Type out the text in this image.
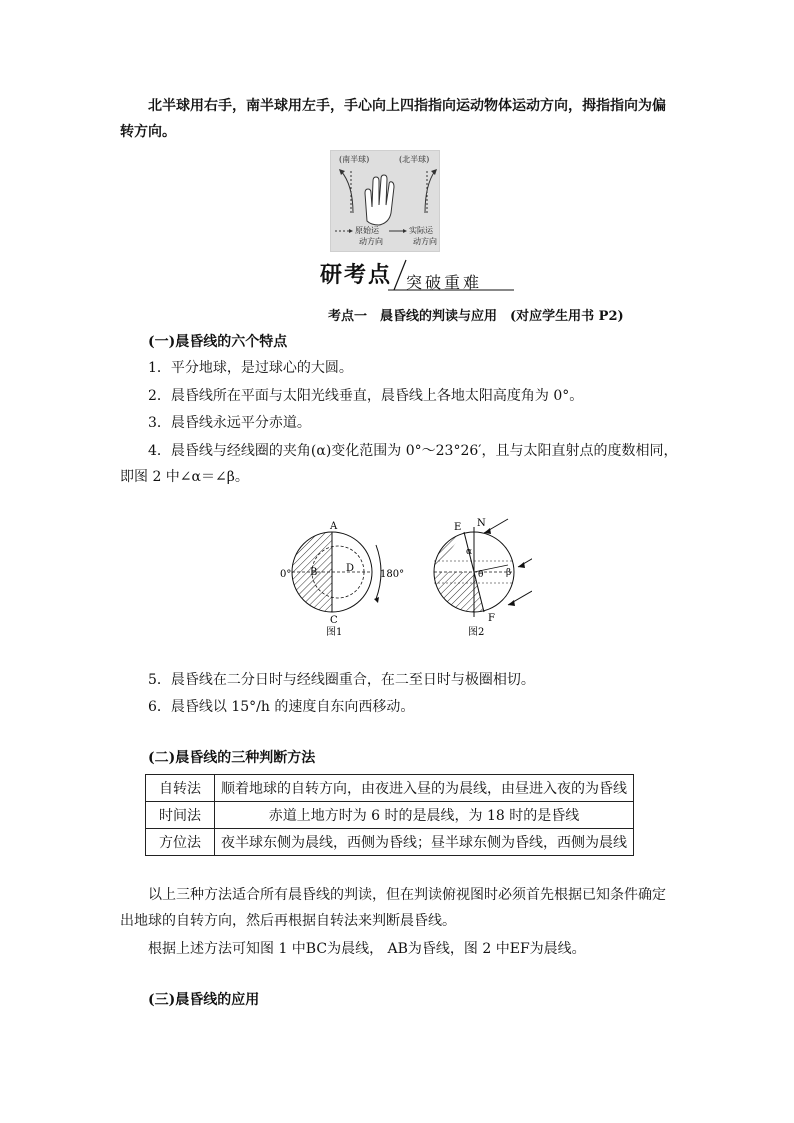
北半球用右手，南半球用左手，手心向上四指指向运动物体运动方向，拇指指向为偏

转方向。

(南半球)	(北半球)
原始运
动方向
实际运
动方向
研考点 突破重难
考点一　晨昏线的判读与应用　(对应学生用书 P2)

(一)晨昏线的六个特点

1．平分地球，是过球心的大圆。

2．晨昏线所在平面与太阳光线垂直，晨昏线上各地太阳高度角为 0°。

3．晨昏线永远平分赤道。

4．晨昏线与经线圈的夹角(α)变化范围为 0°～23°26′，且与太阳直射点的度数相同，

即图 2 中∠α＝∠β。

A
B	D
C
0°	180°
图1
E N
α
θ	β
F
图2

5．晨昏线在二分日时与经线圈重合，在二至日时与极圈相切。

6．晨昏线以 15°/h 的速度自东向西移动。

(二)晨昏线的三种判断方法

自转法	顺着地球的自转方向，由夜进入昼的为晨线，由昼进入夜的为昏线
时间法	赤道上地方时为 6 时的是晨线，为 18 时的是昏线
方位法	夜半球东侧为晨线，西侧为昏线；昼半球东侧为昏线，西侧为晨线

以上三种方法适合所有晨昏线的判读，但在判读俯视图时必须首先根据已知条件确定

出地球的自转方向，然后再根据自转法来判断晨昏线。

根据上述方法可知图 1 中BC为晨线， AB为昏线，图 2 中EF为晨线。

(三)晨昏线的应用
